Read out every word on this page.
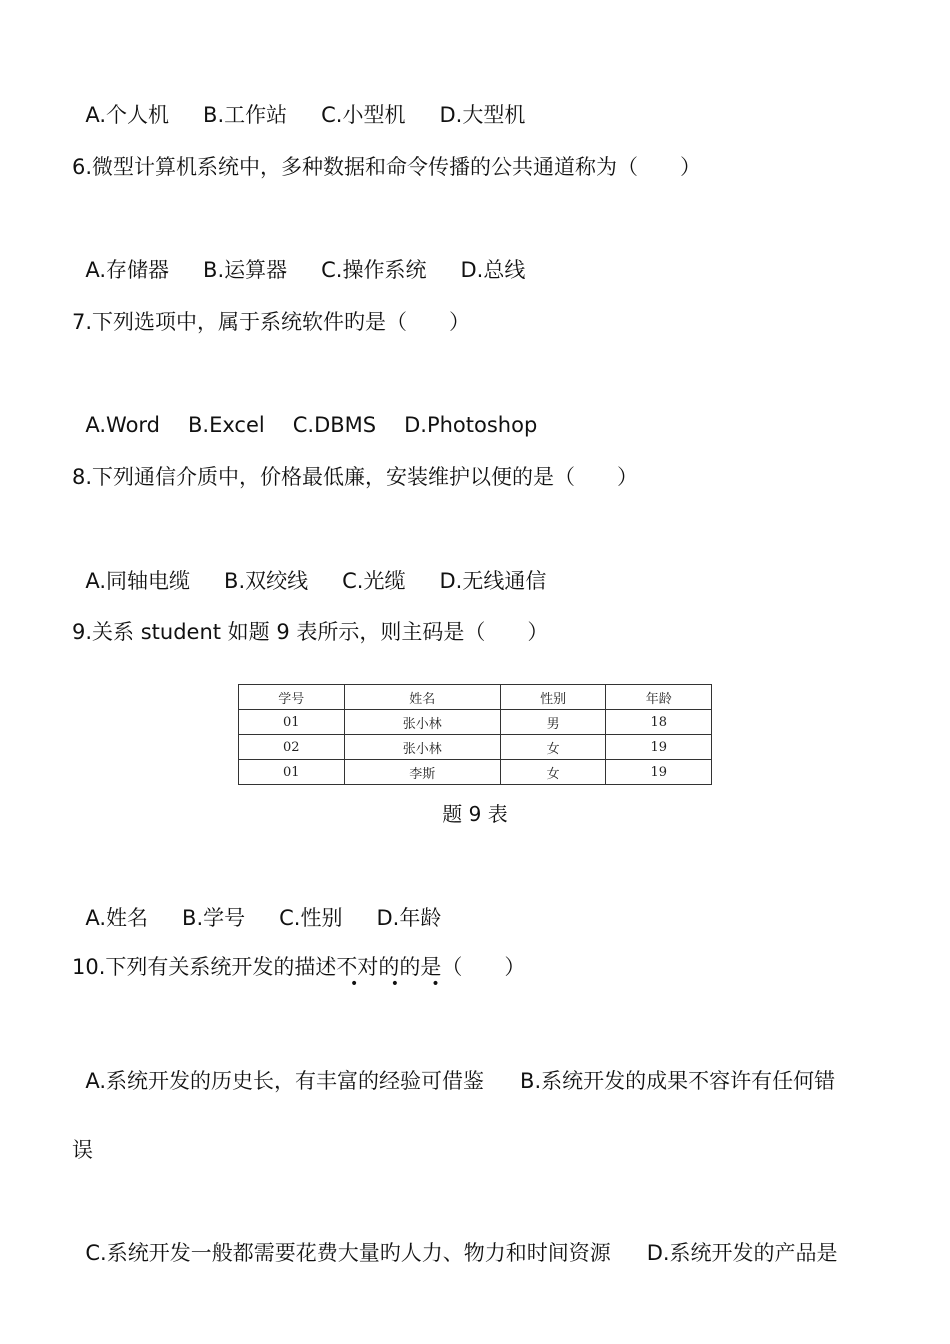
A.个人机 B.工作站 C.小型机 D.大型机

6.微型计算机系统中，多种数据和命令传播的公共通道称为（　　）

A.存储器 B.运算器 C.操作系统 D.总线

7.下列选项中，属于系统软件旳是（　　）

A.Word B.Excel C.DBMS D.Photoshop

8.下列通信介质中，价格最低廉，安装维护以便的是（　　）

A.同轴电缆 B.双绞线 C.光缆 D.无线通信

9.关系 student 如题 9 表所示，则主码是（　　）
学号	姓名	性别	年龄
01	张小林	男	18
02	张小林	女	19
01	李斯	女	19
题 9 表

A.姓名 B.学号 C.性别 D.年龄

10.下列有关系统开发的描述不对的的是（　　）
• • •

A.系统开发的历史长，有丰富的经验可借鉴 B.系统开发的成果不容许有任何错

误

C.系统开发一般都需要花费大量旳人力、物力和时间资源 D.系统开发的产品是
